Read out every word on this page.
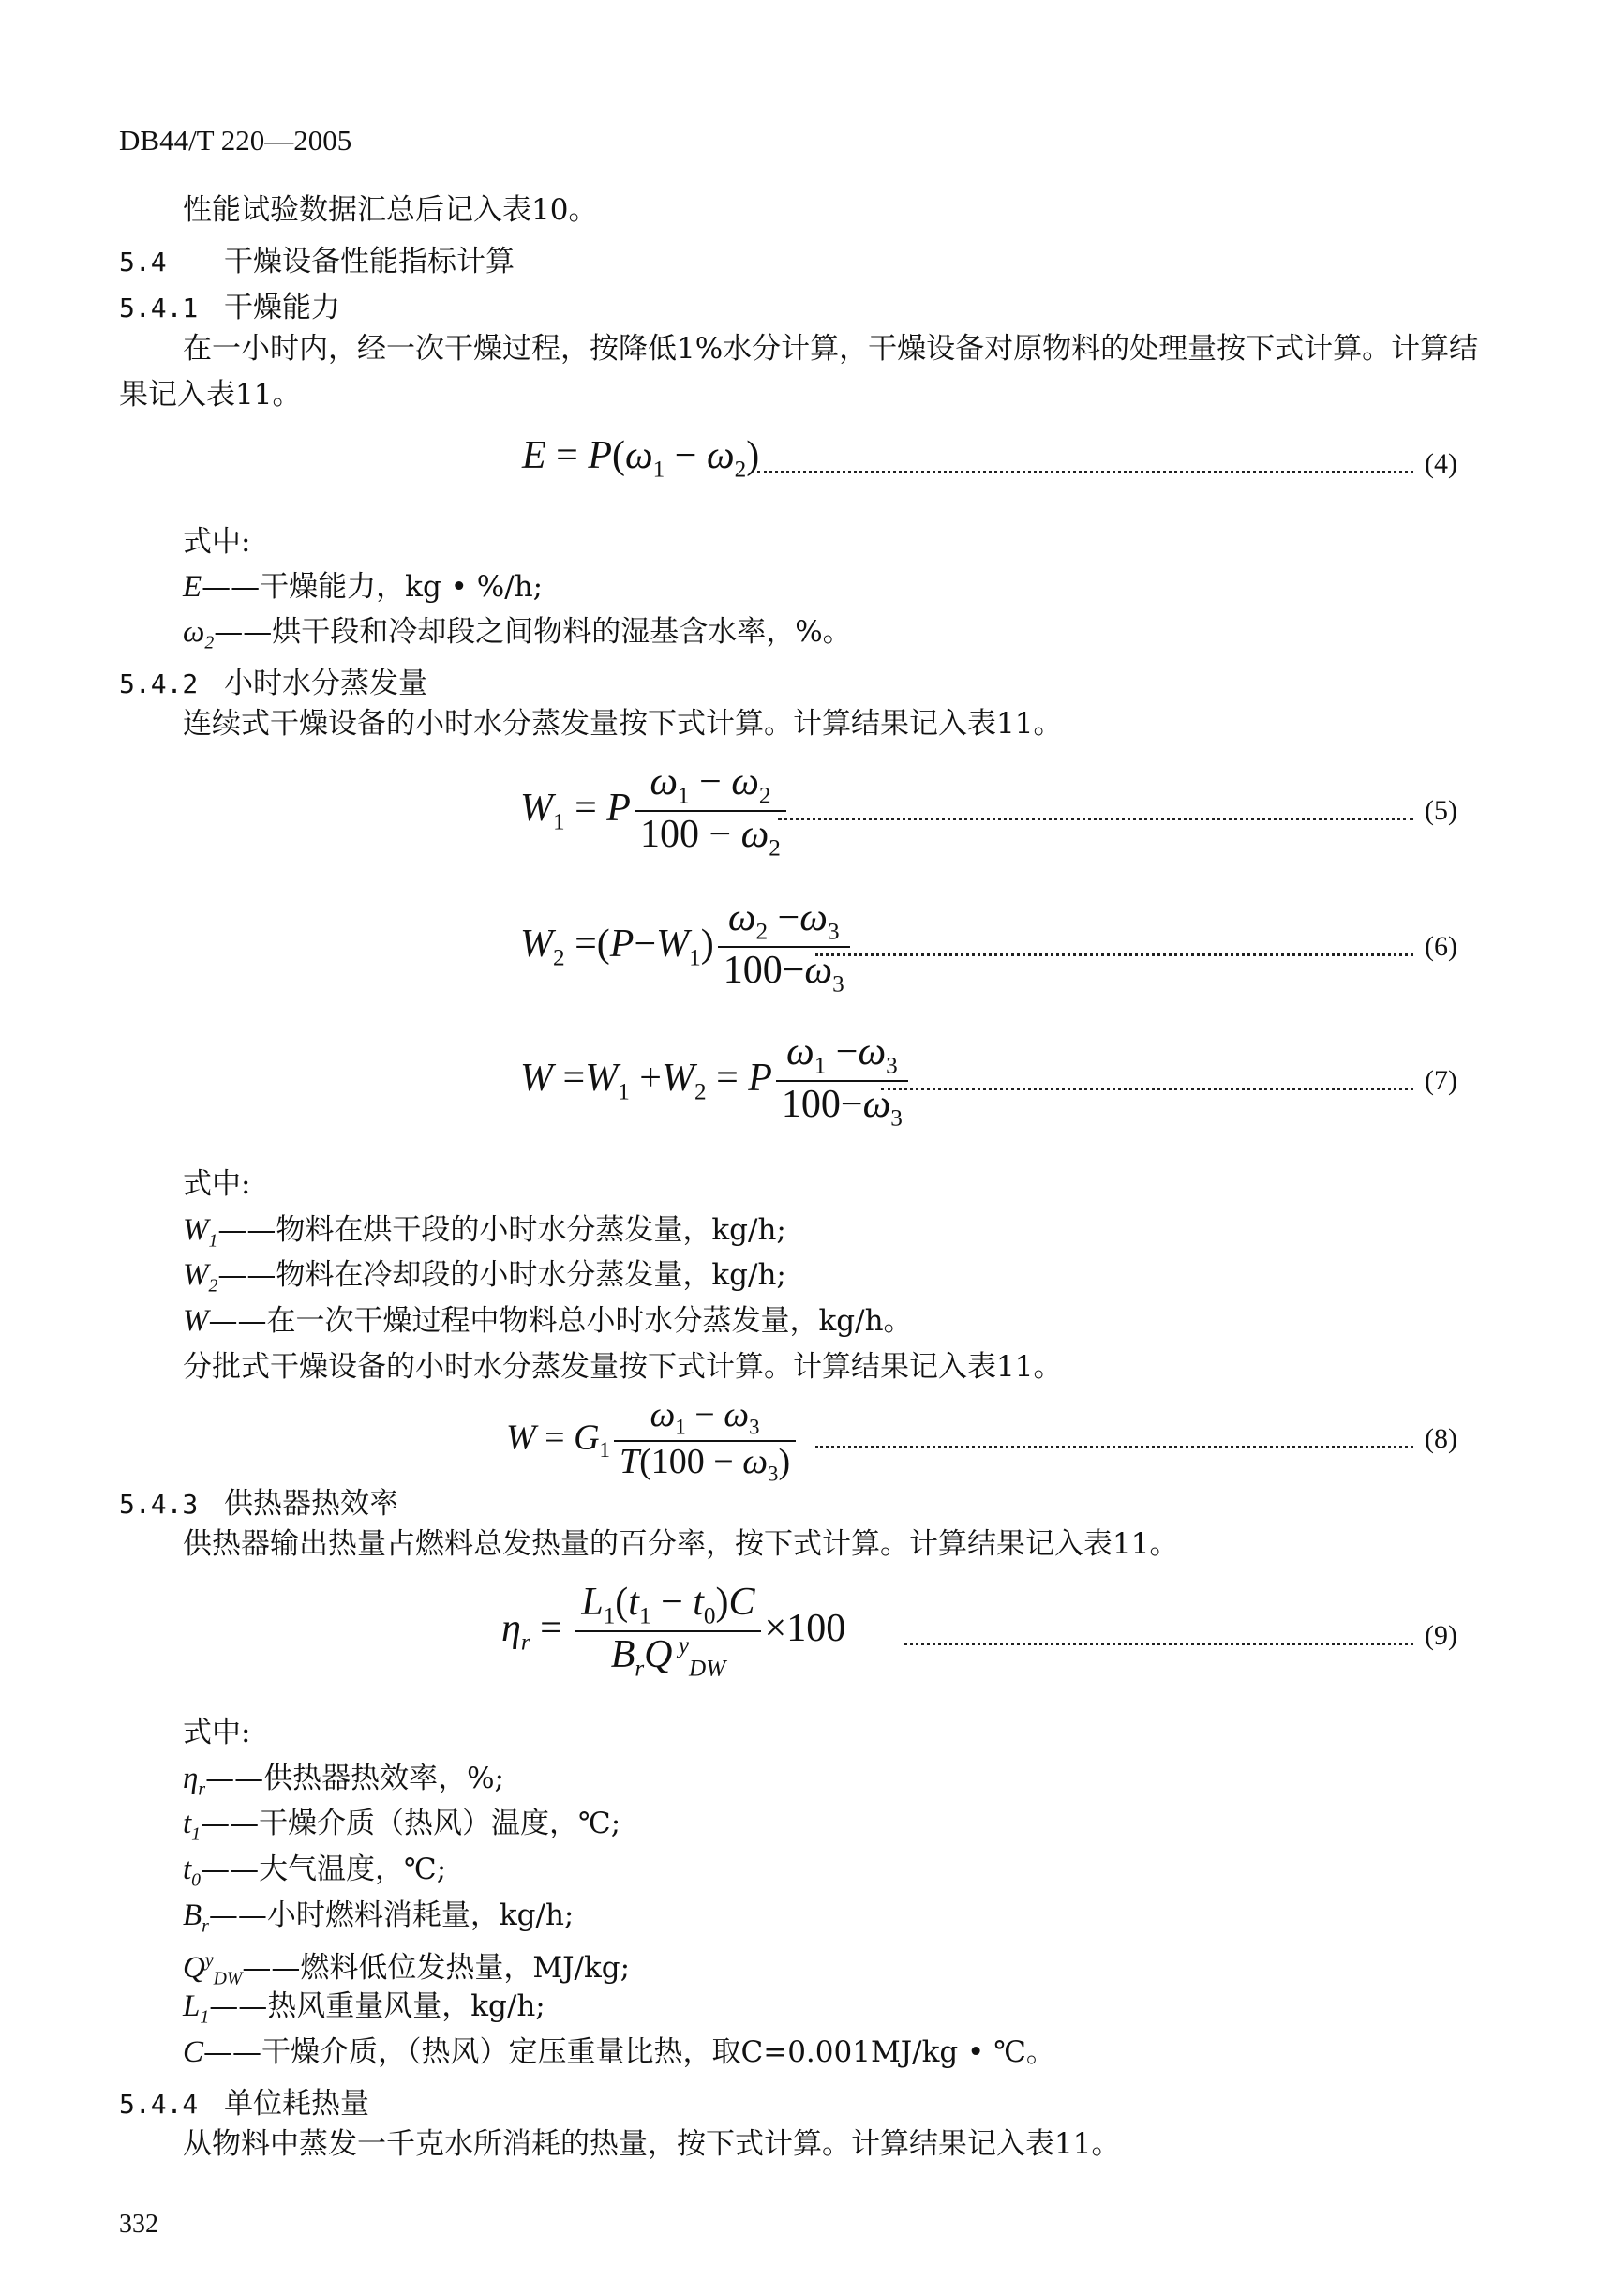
DB44/T 220—2005
性能试验数据汇总后记入表10。
5.4 干燥设备性能指标计算
5.4.1 干燥能力
在一小时内，经一次干燥过程，按降低1%水分计算，干燥设备对原物料的处理量按下式计算。计算结
果记入表11。
$E = P(\omega_1 - \omega_2)$	(4)
式中:
E——干燥能力，kg • %/h;
$\omega_2——$烘干段和冷却段之间物料的湿基含水率，%。
5.4.2 小时水分蒸发量
连续式干燥设备的小时水分蒸发量按下式计算。计算结果记入表11。
$W_1 = P \frac{\omega_1 - \omega_2}{100 - \omega_2}$	(5)
$W_2 =(P-W_1) \frac{\omega_2 -\omega_3}{100-\omega_3}$	(6)
$W =W_1 +W_2 = P \frac{\omega_1 -\omega_3}{100-\omega_3}$	(7)
式中:
$W_1——$物料在烘干段的小时水分蒸发量，kg/h;
$W_2——$物料在冷却段的小时水分蒸发量，kg/h;
W——在一次干燥过程中物料总小时水分蒸发量，kg/h。
分批式干燥设备的小时水分蒸发量按下式计算。计算结果记入表11。
$W = G_1 \frac{\omega_1 - \omega_3}{T(100 - \omega_3)}$	(8)
5.4.3 供热器热效率
供热器输出热量占燃料总发热量的百分率，按下式计算。计算结果记入表11。
$\eta_r = \frac{L_1(t_1 - t_0)C}{B_rQ ^y_{DW}} \times 100$	(9)
式中:
$\eta_r——$供热器热效率，%;
$t_1——$干燥介质（热风）温度，℃;
$t_0——$大气温度，℃;
$B_r——$小时燃料消耗量，kg/h;
$Q^y_{DW}——$燃料低位发热量，MJ/kg;
$L_1——$热风重量风量，kg/h;
C——干燥介质，（热风）定压重量比热，取C=0.001MJ/kg • ℃。
5.4.4 单位耗热量
从物料中蒸发一千克水所消耗的热量，按下式计算。计算结果记入表11。
332
